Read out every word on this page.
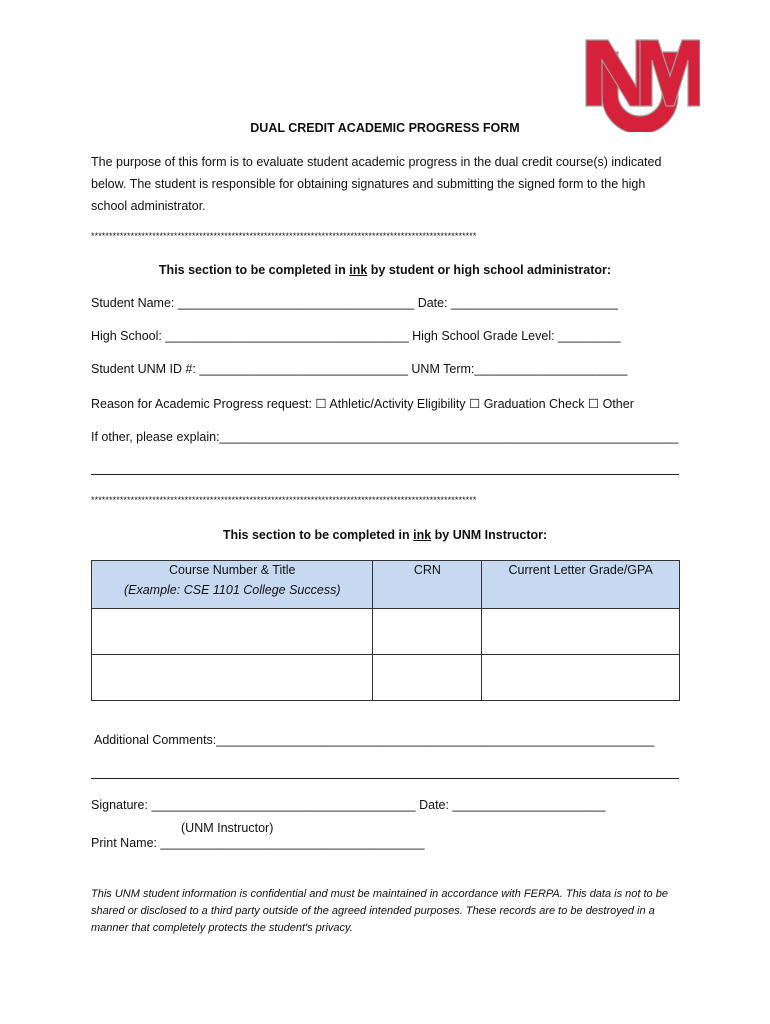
DUAL CREDIT ACADEMIC PROGRESS FORM
The purpose of this form is to evaluate student academic progress in the dual credit course(s) indicated below. The student is responsible for obtaining signatures and submitting the signed form to the high school administrator.
***********************************************************************************************************
This section to be completed in ink by student or high school administrator:
Student Name: __________________________________ Date: ________________________
High School: ___________________________________ High School Grade Level: _________
Student UNM ID #: ______________________________ UNM Term:______________________
Reason for Academic Progress request: ☐ Athletic/Activity Eligibility ☐ Graduation Check ☐ Other
If other, please explain:__________________________________________________________________
***********************************************************************************************************
This section to be completed in ink by UNM Instructor:
Course Number & Title
(Example: CSE 1101 College Success)	CRN	Current Letter Grade/GPA

Additional Comments:_______________________________________________________________
Signature: ______________________________________ Date: ______________________
(UNM Instructor)
Print Name: ______________________________________
This UNM student information is confidential and must be maintained in accordance with FERPA. This data is not to be shared or disclosed to a third party outside of the agreed intended purposes. These records are to be destroyed in a manner that completely protects the student's privacy.
